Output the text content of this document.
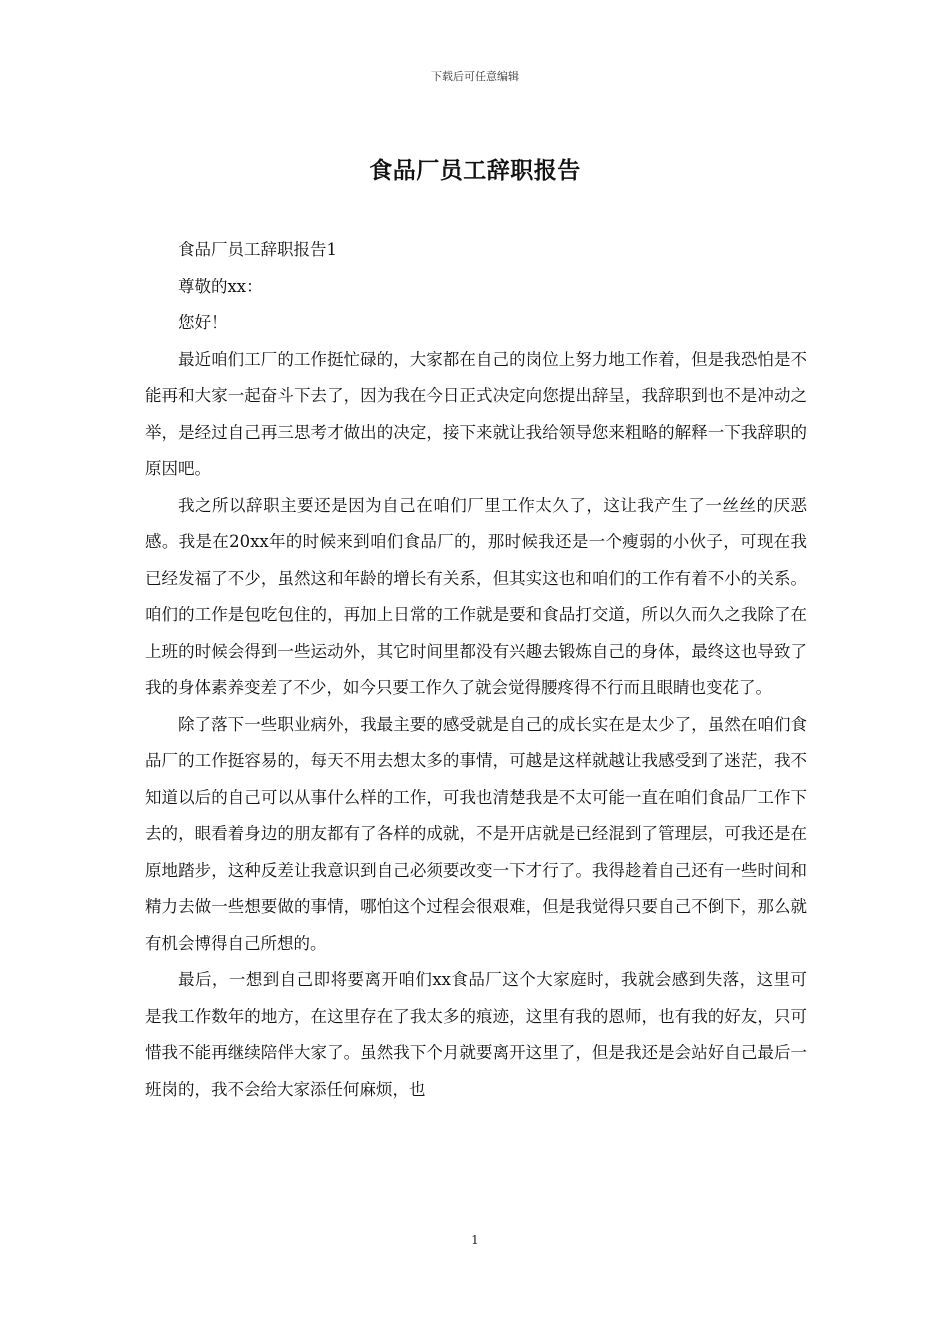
下载后可任意编辑
食品厂员工辞职报告

食品厂员工辞职报告1

尊敬的xx：

您好！

最近咱们工厂的工作挺忙碌的，大家都在自己的岗位上努力地工作着，但是我恐怕是不能再和大家一起奋斗下去了，因为我在今日正式决定向您提出辞呈，我辞职到也不是冲动之举，是经过自己再三思考才做出的决定，接下来就让我给领导您来粗略的解释一下我辞职的原因吧。

我之所以辞职主要还是因为自己在咱们厂里工作太久了，这让我产生了一丝丝的厌恶感。我是在20xx年的时候来到咱们食品厂的，那时候我还是一个瘦弱的小伙子，可现在我已经发福了不少，虽然这和年龄的增长有关系，但其实这也和咱们的工作有着不小的关系。咱们的工作是包吃包住的，再加上日常的工作就是要和食品打交道，所以久而久之我除了在上班的时候会得到一些运动外，其它时间里都没有兴趣去锻炼自己的身体，最终这也导致了我的身体素养变差了不少，如今只要工作久了就会觉得腰疼得不行而且眼睛也变花了。

除了落下一些职业病外，我最主要的感受就是自己的成长实在是太少了，虽然在咱们食品厂的工作挺容易的，每天不用去想太多的事情，可越是这样就越让我感受到了迷茫，我不知道以后的自己可以从事什么样的工作，可我也清楚我是不太可能一直在咱们食品厂工作下去的，眼看着身边的朋友都有了各样的成就，不是开店就是已经混到了管理层，可我还是在原地踏步，这种反差让我意识到自己必须要改变一下才行了。我得趁着自己还有一些时间和精力去做一些想要做的事情，哪怕这个过程会很艰难，但是我觉得只要自己不倒下，那么就有机会博得自己所想的。

最后，一想到自己即将要离开咱们xx食品厂这个大家庭时，我就会感到失落，这里可是我工作数年的地方，在这里存在了我太多的痕迹，这里有我的恩师，也有我的好友，只可惜我不能再继续陪伴大家了。虽然我下个月就要离开这里了，但是我还是会站好自己最后一班岗的，我不会给大家添任何麻烦，也

1
